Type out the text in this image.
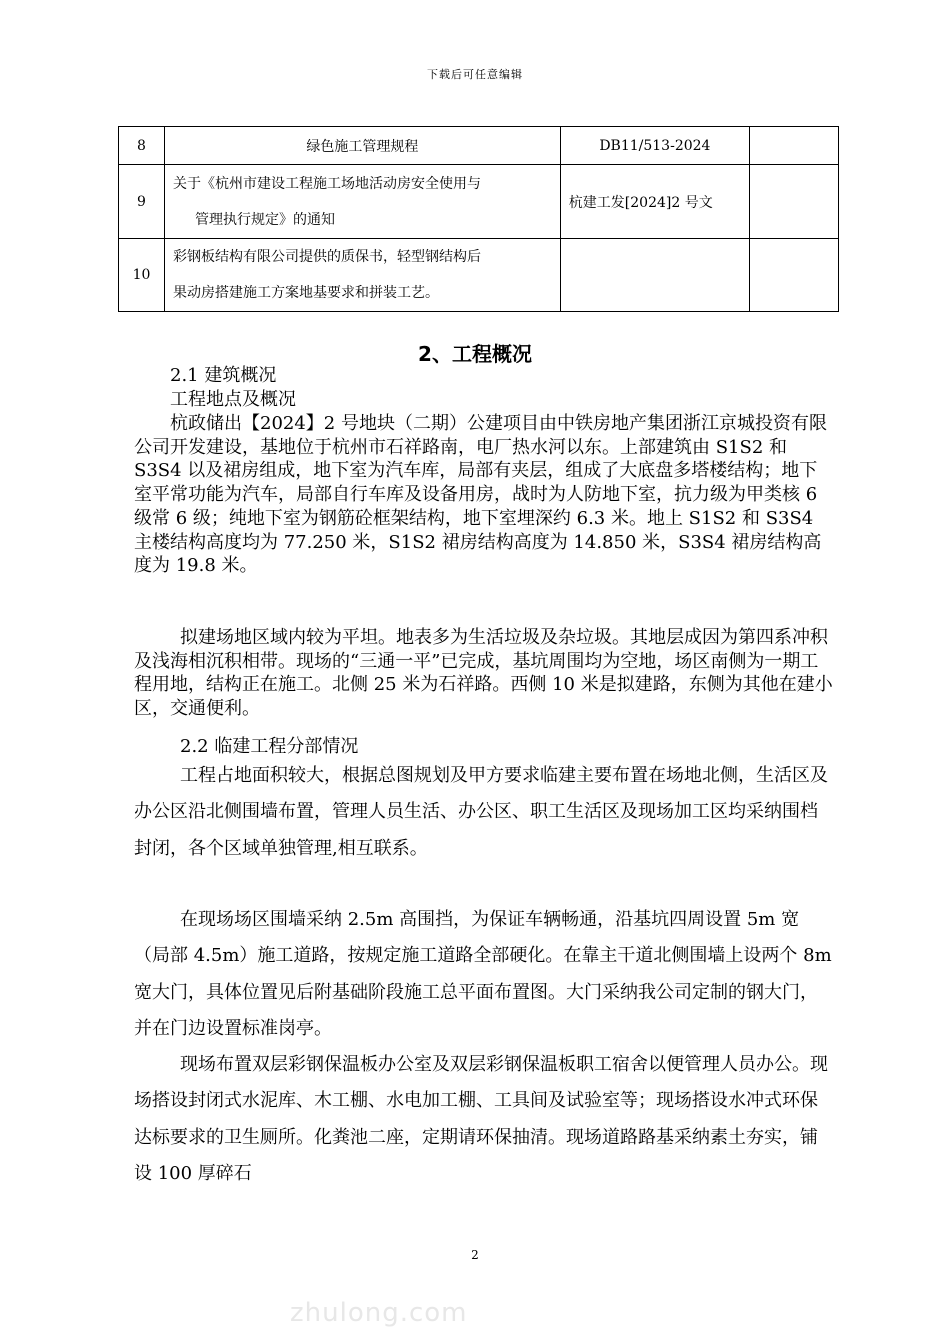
下载后可任意编辑
8	绿色施工管理规程	DB11/513-2024	
9	关于《杭州市建设工程施工场地活动房安全使用与
管理执行规定》的通知	杭建工发[2024]2 号文	
10	彩钢板结构有限公司提供的质保书，轻型钢结构后
果动房搭建施工方案地基要求和拼装工艺。		

2、工程概况
2.1 建筑概况
工程地点及概况
杭政储出【2024】2 号地块（二期）公建项目由中铁房地产集团浙江京城投资有限公司开发建设，基地位于杭州市石祥路南，电厂热水河以东。上部建筑由 S1S2 和 S3S4 以及裙房组成，地下室为汽车库，局部有夹层，组成了大底盘多塔楼结构；地下室平常功能为汽车，局部自行车库及设备用房，战时为人防地下室，抗力级为甲类核 6 级常 6 级；纯地下室为钢筋砼框架结构，地下室埋深约 6.3 米。地上 S1S2 和 S3S4 主楼结构高度均为 77.250 米，S1S2 裙房结构高度为 14.850 米，S3S4 裙房结构高度为 19.8 米。
拟建场地区域内较为平坦。地表多为生活垃圾及杂垃圾。其地层成因为第四系冲积及浅海相沉积相带。现场的“三通一平”已完成，基坑周围均为空地，场区南侧为一期工程用地，结构正在施工。北侧 25 米为石祥路。西侧 10 米是拟建路，东侧为其他在建小区，交通便利。
2.2 临建工程分部情况
工程占地面积较大，根据总图规划及甲方要求临建主要布置在场地北侧，生活区及办公区沿北侧围墙布置，管理人员生活、办公区、职工生活区及现场加工区均采纳围档封闭，各个区域单独管理,相互联系。
在现场场区围墙采纳 2.5m 高围挡，为保证车辆畅通，沿基坑四周设置 5m 宽（局部 4.5m）施工道路，按规定施工道路全部硬化。在靠主干道北侧围墙上设两个 8m 宽大门，具体位置见后附基础阶段施工总平面布置图。大门采纳我公司定制的钢大门，并在门边设置标准岗亭。
现场布置双层彩钢保温板办公室及双层彩钢保温板职工宿舍以便管理人员办公。现场搭设封闭式水泥库、木工棚、水电加工棚、工具间及试验室等；现场搭设水冲式环保达标要求的卫生厕所。化粪池二座，定期请环保抽清。现场道路路基采纳素土夯实，铺设 100 厚碎石
2
zhulong.com
